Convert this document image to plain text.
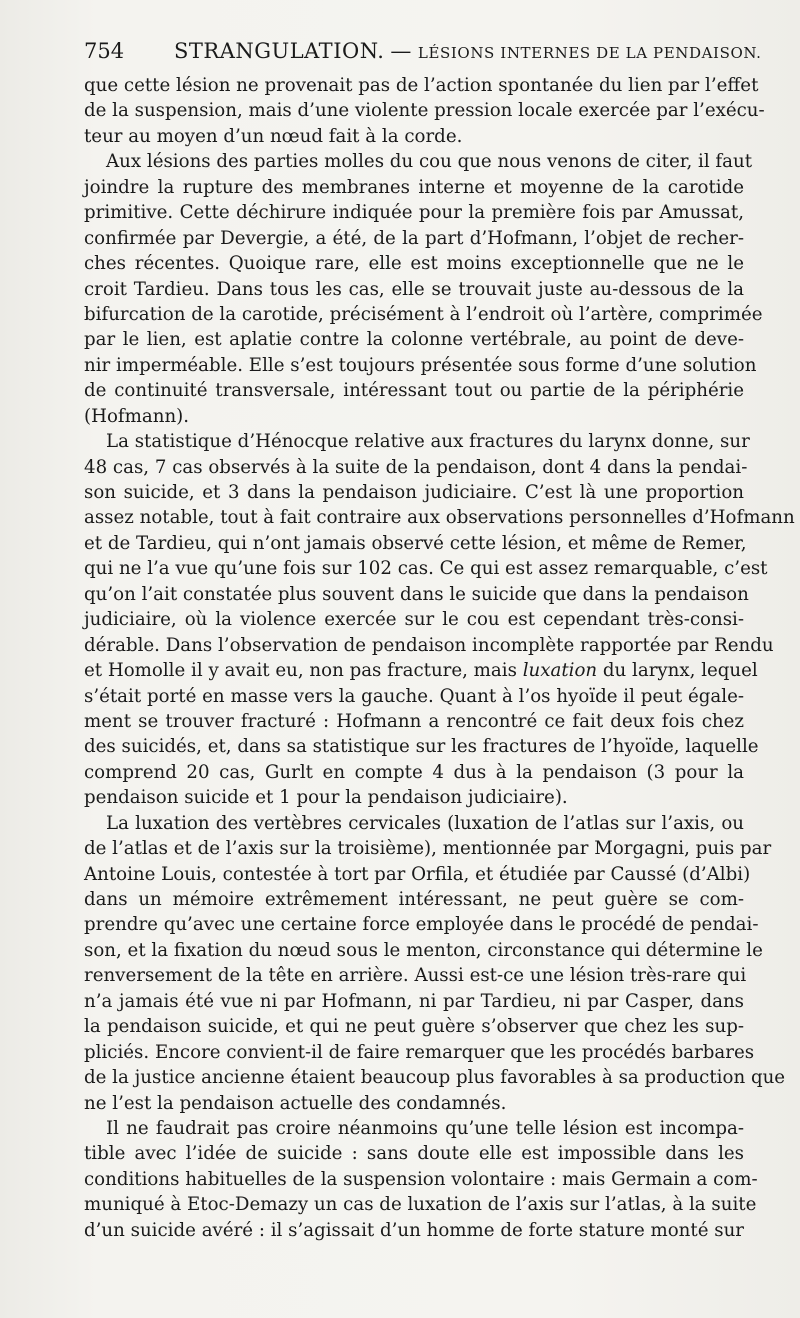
754 STRANGULATION. — LÉSIONS INTERNES DE LA PENDAISON.
que cette lésion ne provenait pas de l’action spontanée du lien par l’effet
de la suspension, mais d’une violente pression locale exercée par l’exécu-
teur au moyen d’un nœud fait à la corde.
Aux lésions des parties molles du cou que nous venons de citer, il faut
joindre la rupture des membranes interne et moyenne de la carotide
primitive. Cette déchirure indiquée pour la première fois par Amussat,
confirmée par Devergie, a été, de la part d’Hofmann, l’objet de recher-
ches récentes. Quoique rare, elle est moins exceptionnelle que ne le
croit Tardieu. Dans tous les cas, elle se trouvait juste au-dessous de la
bifurcation de la carotide, précisément à l’endroit où l’artère, comprimée
par le lien, est aplatie contre la colonne vertébrale, au point de deve-
nir imperméable. Elle s’est toujours présentée sous forme d’une solution
de continuité transversale, intéressant tout ou partie de la périphérie
(Hofmann).
La statistique d’Hénocque relative aux fractures du larynx donne, sur
48 cas, 7 cas observés à la suite de la pendaison, dont 4 dans la pendai-
son suicide, et 3 dans la pendaison judiciaire. C’est là une proportion
assez notable, tout à fait contraire aux observations personnelles d’Hofmann
et de Tardieu, qui n’ont jamais observé cette lésion, et même de Remer,
qui ne l’a vue qu’une fois sur 102 cas. Ce qui est assez remarquable, c’est
qu’on l’ait constatée plus souvent dans le suicide que dans la pendaison
judiciaire, où la violence exercée sur le cou est cependant très-consi-
dérable. Dans l’observation de pendaison incomplète rapportée par Rendu
et Homolle il y avait eu, non pas fracture, mais luxation du larynx, lequel
s’était porté en masse vers la gauche. Quant à l’os hyoïde il peut égale-
ment se trouver fracturé : Hofmann a rencontré ce fait deux fois chez
des suicidés, et, dans sa statistique sur les fractures de l’hyoïde, laquelle
comprend 20 cas, Gurlt en compte 4 dus à la pendaison (3 pour la
pendaison suicide et 1 pour la pendaison judiciaire).
La luxation des vertèbres cervicales (luxation de l’atlas sur l’axis, ou
de l’atlas et de l’axis sur la troisième), mentionnée par Morgagni, puis par
Antoine Louis, contestée à tort par Orfila, et étudiée par Caussé (d’Albi)
dans un mémoire extrêmement intéressant, ne peut guère se com-
prendre qu’avec une certaine force employée dans le procédé de pendai-
son, et la fixation du nœud sous le menton, circonstance qui détermine le
renversement de la tête en arrière. Aussi est-ce une lésion très-rare qui
n’a jamais été vue ni par Hofmann, ni par Tardieu, ni par Casper, dans
la pendaison suicide, et qui ne peut guère s’observer que chez les sup-
pliciés. Encore convient-il de faire remarquer que les procédés barbares
de la justice ancienne étaient beaucoup plus favorables à sa production que
ne l’est la pendaison actuelle des condamnés.
Il ne faudrait pas croire néanmoins qu’une telle lésion est incompa-
tible avec l’idée de suicide : sans doute elle est impossible dans les
conditions habituelles de la suspension volontaire : mais Germain a com-
muniqué à Etoc-Demazy un cas de luxation de l’axis sur l’atlas, à la suite
d’un suicide avéré : il s’agissait d’un homme de forte stature monté sur
